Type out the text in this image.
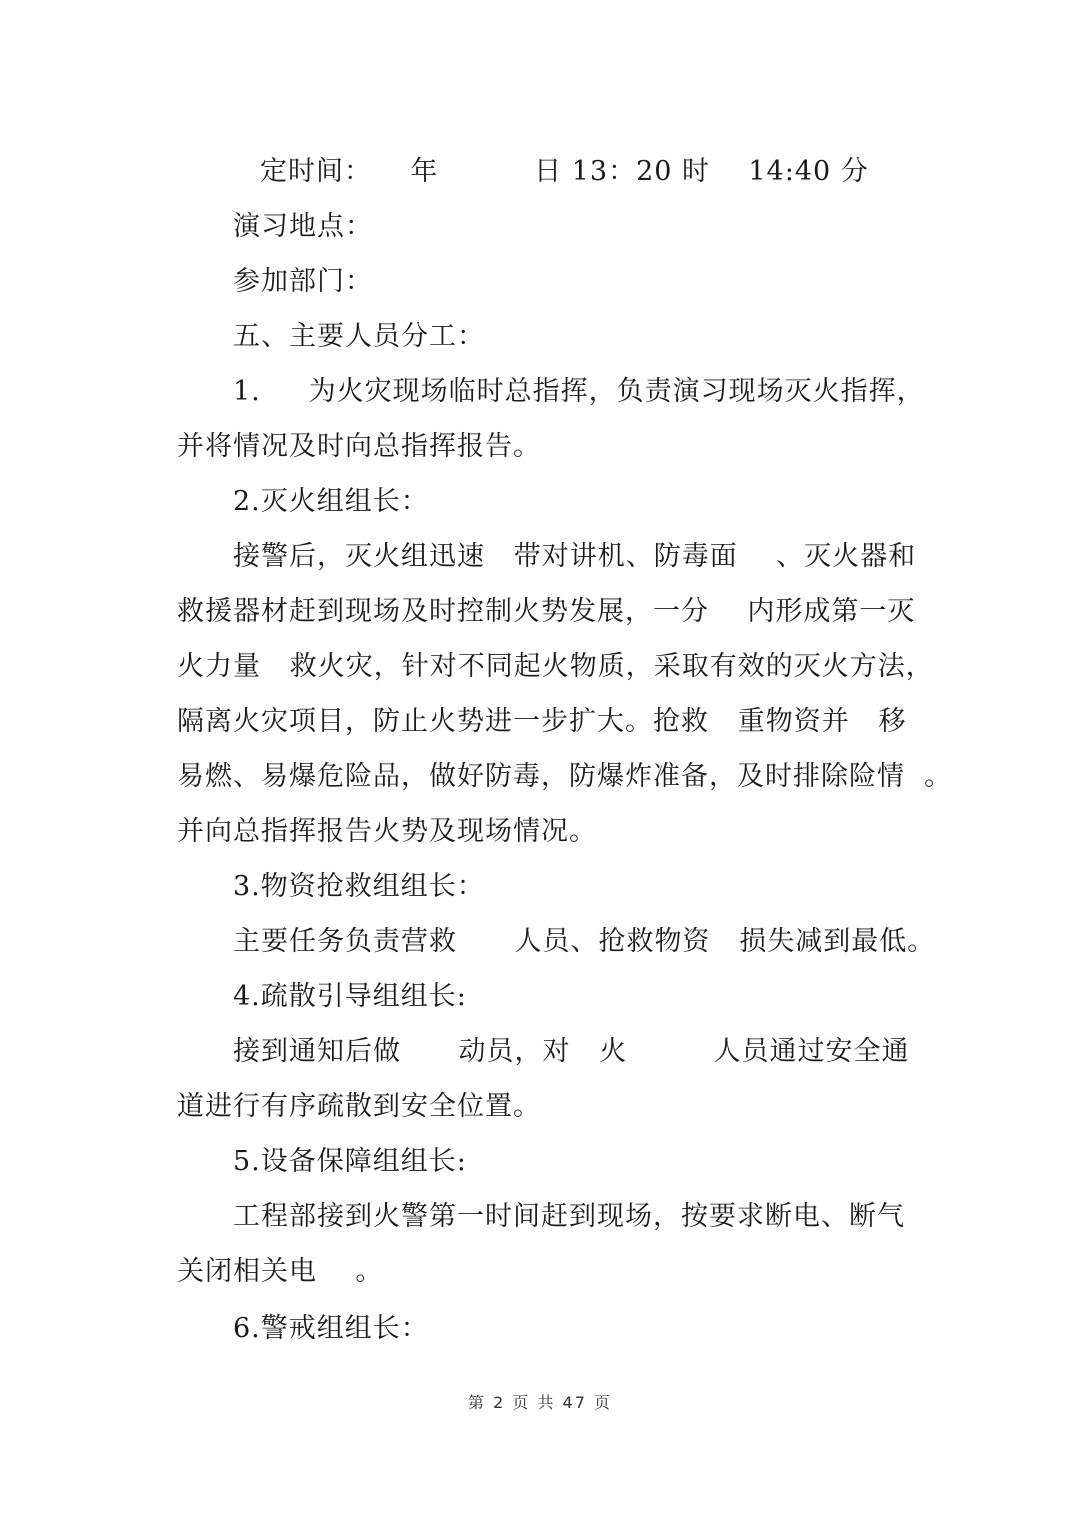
定时间：    年          日 13：20 时    14:40 分
演习地点：
参加部门：
五、主要人员分工：
1.     为火灾现场临时总指挥，负责演习现场灭火指挥，
并将情况及时向总指挥报告。
2.灭火组组长：
接警后，灭火组迅速   带对讲机、防毒面    、灭火器和
救援器材赶到现场及时控制火势发展，一分    内形成第一灭
火力量   救火灾，针对不同起火物质，采取有效的灭火方法，
隔离火灾项目，防止火势进一步扩大。抢救   重物资并   移
易燃、易爆危险品，做好防毒，防爆炸准备，及时排除险情  。
并向总指挥报告火势及现场情况。
3.物资抢救组组长：
主要任务负责营救      人员、抢救物资   损失减到最低。
4.疏散引导组组长:
接到通知后做      动员，对   火         人员通过安全通
道进行有序疏散到安全位置。
5.设备保障组组长:
工程部接到火警第一时间赶到现场，按要求断电、断气
关闭相关电    。
6.警戒组组长：
第 2 页 共 47 页
